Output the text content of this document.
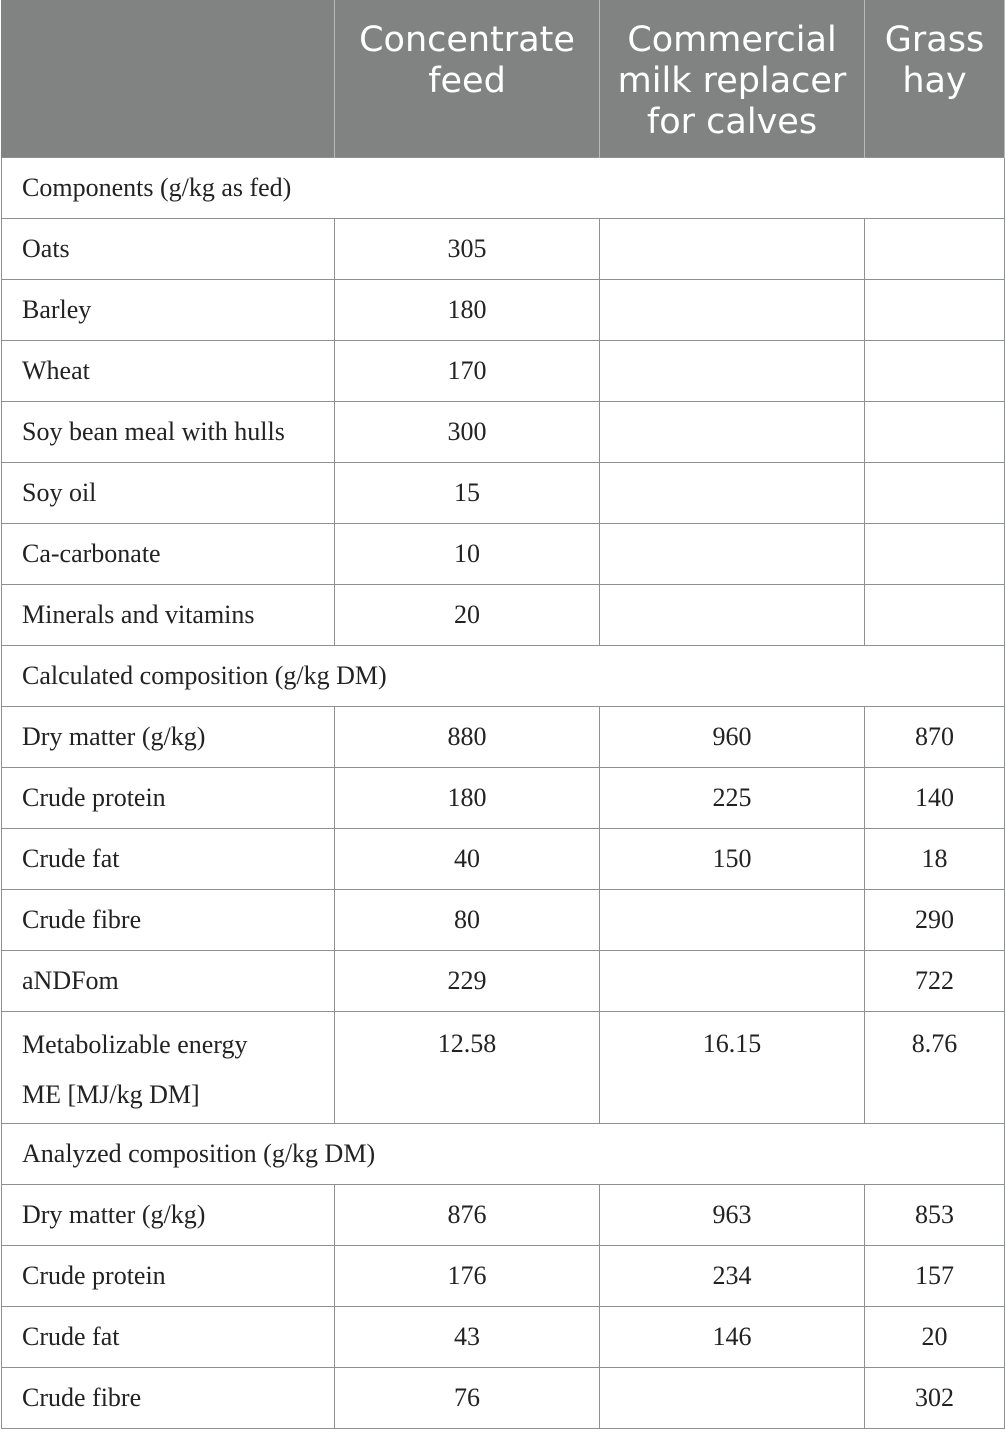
	Concentrate feed	Commercial milk replacer for calves	Grass hay
Components (g/kg as fed)			
Oats	305		
Barley	180		
Wheat	170		
Soy bean meal with hulls	300		
Soy oil	15		
Ca-carbonate	10		
Minerals and vitamins	20		
Calculated composition (g/kg DM)			
Dry matter (g/kg)	880	960	870
Crude protein	180	225	140
Crude fat	40	150	18
Crude fibre	80		290
aNDFom	229		722
Metabolizable energy
ME [MJ/kg DM]	12.58	16.15	8.76
Analyzed composition (g/kg DM)			
Dry matter (g/kg)	876	963	853
Crude protein	176	234	157
Crude fat	43	146	20
Crude fibre	76		302
